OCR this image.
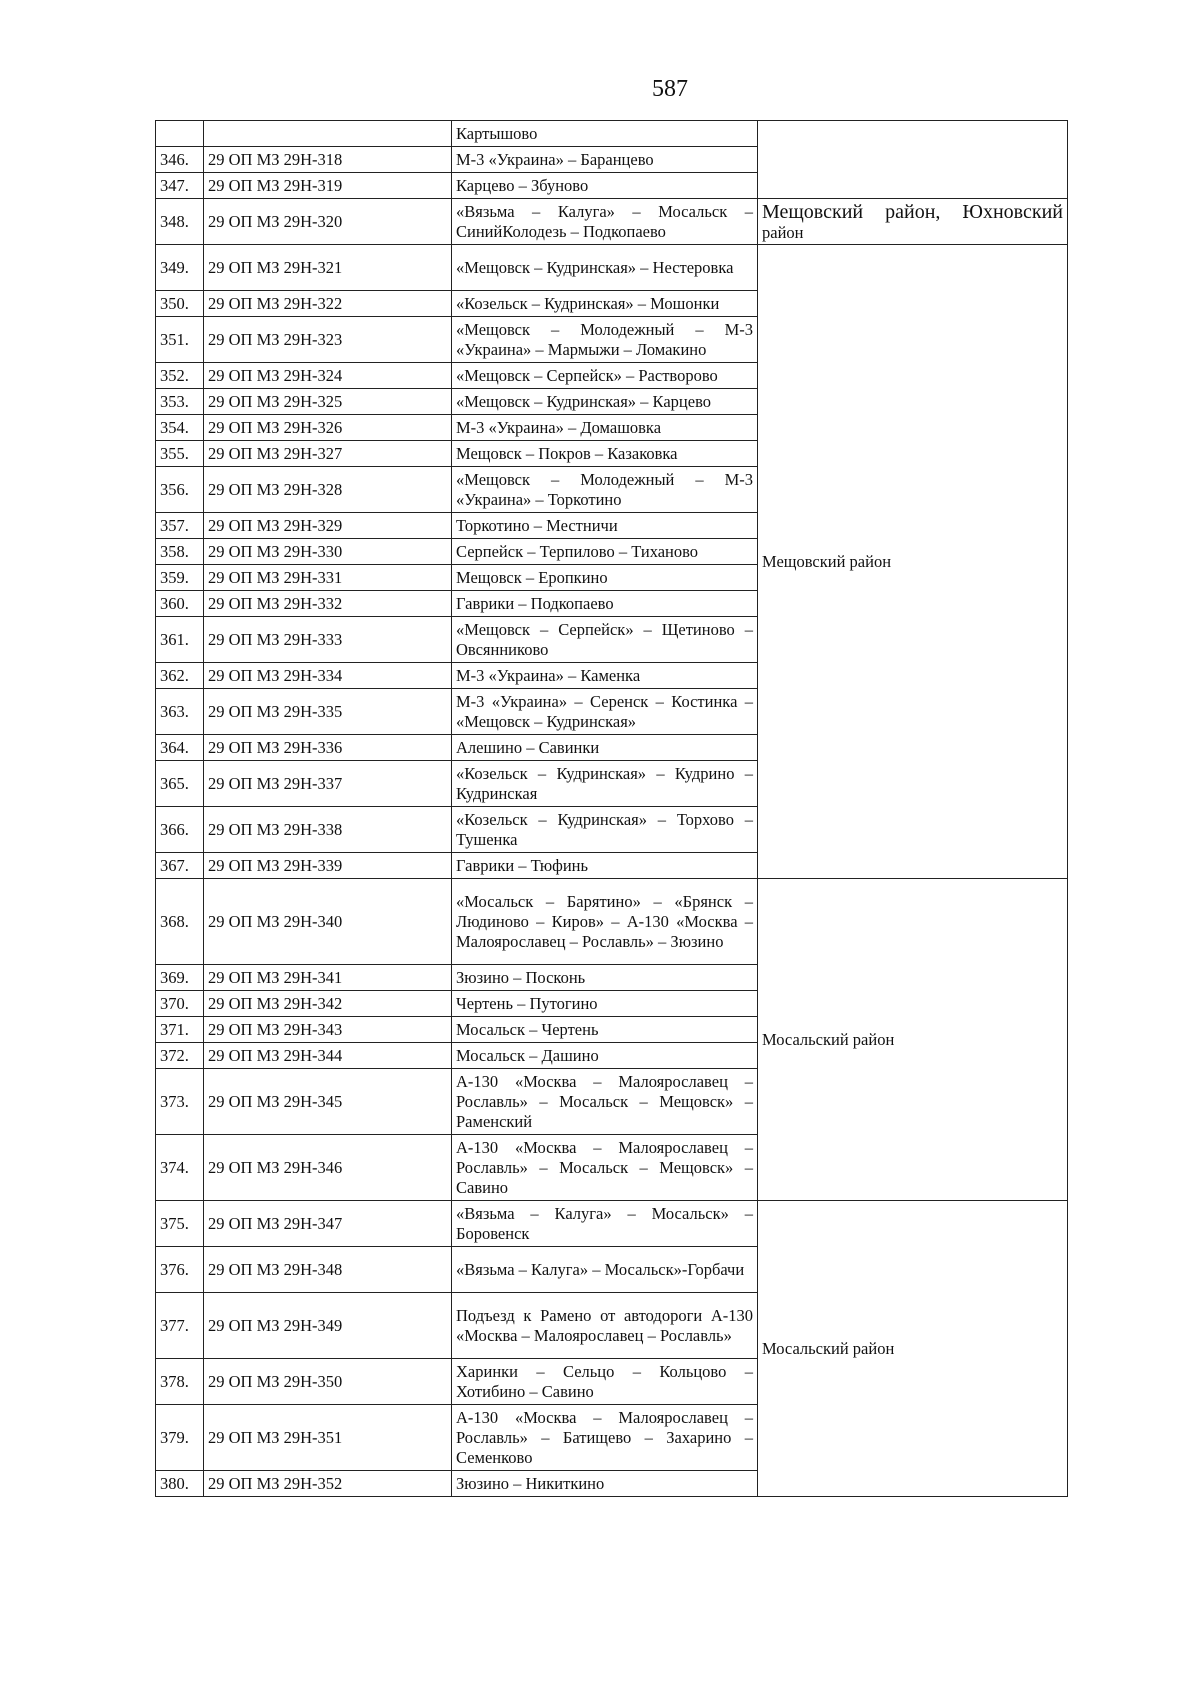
587
		Картышово	
346.	29 ОП МЗ 29Н-318	М-3 «Украина» – Баранцево	
347.	29 ОП МЗ 29Н-319	Карцево – Збуново	
348.	29 ОП МЗ 29Н-320	«Вязьма – Калуга» – Мосальск – СинийКолодезь – Подкопаево	Мещовский район, Юхновский
район

349.	29 ОП МЗ 29Н-321	«Мещовск – Кудринская» – Нестеровка	Мещовский район
350.	29 ОП МЗ 29Н-322	«Козельск – Кудринская» – Мошонки	
351.	29 ОП МЗ 29Н-323	«Мещовск – Молодежный – М-3 «Украина» – Мармыжи – Ломакино	
352.	29 ОП МЗ 29Н-324	«Мещовск – Серпейск» – Растворово	
353.	29 ОП МЗ 29Н-325	«Мещовск – Кудринская» – Карцево	
354.	29 ОП МЗ 29Н-326	М-3 «Украина» – Домашовка	
355.	29 ОП МЗ 29Н-327	Мещовск – Покров – Казаковка	
356.	29 ОП МЗ 29Н-328	«Мещовск – Молодежный – М-3 «Украина» – Торкотино	
357.	29 ОП МЗ 29Н-329	Торкотино – Местничи	
358.	29 ОП МЗ 29Н-330	Серпейск – Терпилово – Тиханово	
359.	29 ОП МЗ 29Н-331	Мещовск – Еропкино	
360.	29 ОП МЗ 29Н-332	Гаврики – Подкопаево	
361.	29 ОП МЗ 29Н-333	«Мещовск – Серпейск» – Щетиново – Овсянниково	
362.	29 ОП МЗ 29Н-334	М-3 «Украина» – Каменка	
363.	29 ОП МЗ 29Н-335	М-3 «Украина» – Серенск – Костинка – «Мещовск – Кудринская»	
364.	29 ОП МЗ 29Н-336	Алешино – Савинки	
365.	29 ОП МЗ 29Н-337	«Козельск – Кудринская» – Кудрино – Кудринская	
366.	29 ОП МЗ 29Н-338	«Козельск – Кудринская» – Торхово – Тушенка	
367.	29 ОП МЗ 29Н-339	Гаврики – Тюфинь	
368.	29 ОП МЗ 29Н-340	«Мосальск – Барятино» – «Брянск – Людиново – Киров» – А-130 «Москва – Малоярославец – Рославль» – Зюзино	Мосальский район
369.	29 ОП МЗ 29Н-341	Зюзино – Посконь	
370.	29 ОП МЗ 29Н-342	Чертень – Путогино	
371.	29 ОП МЗ 29Н-343	Мосальск – Чертень	
372.	29 ОП МЗ 29Н-344	Мосальск – Дашино	
373.	29 ОП МЗ 29Н-345	А-130 «Москва – Малоярославец – Рославль» – Мосальск – Мещовск» – Раменский	
374.	29 ОП МЗ 29Н-346	А-130 «Москва – Малоярославец – Рославль» – Мосальск – Мещовск» – Савино	
375.	29 ОП МЗ 29Н-347	«Вязьма – Калуга» – Мосальск» – Боровенск	Мосальский район
376.	29 ОП МЗ 29Н-348	«Вязьма – Калуга» – Мосальск»-Горбачи	
377.	29 ОП МЗ 29Н-349	Подъезд к Рамено от автодороги А-130 «Москва – Малоярославец – Рославль»	
378.	29 ОП МЗ 29Н-350	Харинки – Сельцо – Кольцово – Хотибино – Савино	
379.	29 ОП МЗ 29Н-351	А-130 «Москва – Малоярославец – Рославль» – Батищево – Захарино – Семенково	
380.	29 ОП МЗ 29Н-352	Зюзино – Никиткино	
